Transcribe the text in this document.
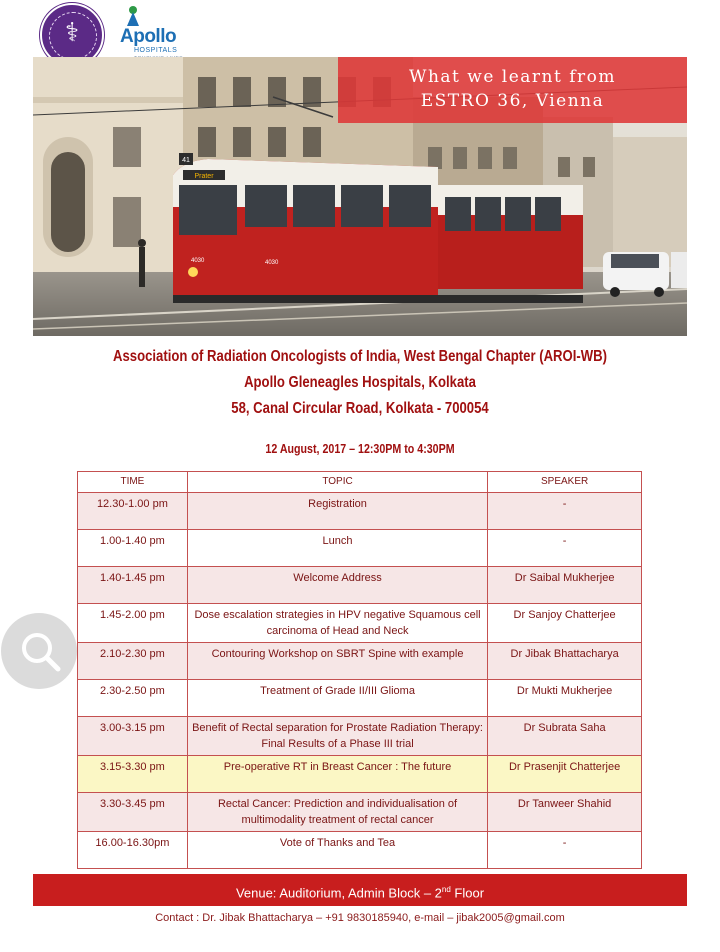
⚕	Apollo
HOSPITALS
Prater
41
4030	4030
What we learnt from
ESTRO 36, Vienna
Association of Radiation Oncologists of India, West Bengal Chapter (AROI-WB)
Apollo Gleneagles Hospitals, Kolkata
58, Canal Circular Road, Kolkata - 700054
12 August, 2017 – 12:30PM to 4:30PM
TIME	TOPIC	SPEAKER
12.30-1.00 pm	Registration	-
1.00-1.40 pm	Lunch	-
1.40-1.45 pm	Welcome Address	Dr Saibal Mukherjee
1.45-2.00 pm	Dose escalation strategies in HPV negative Squamous cell carcinoma of Head and Neck	Dr Sanjoy Chatterjee
2.10-2.30 pm	Contouring Workshop on SBRT Spine with example	Dr Jibak Bhattacharya
2.30-2.50 pm	Treatment of Grade II/III Glioma	Dr Mukti Mukherjee
3.00-3.15 pm	Benefit of Rectal separation for Prostate Radiation Therapy: Final Results of a Phase III trial	Dr Subrata Saha
3.15-3.30 pm	Pre-operative RT in Breast Cancer : The future	Dr Prasenjit Chatterjee
3.30-3.45 pm	Rectal Cancer: Prediction and individualisation of multimodality treatment of rectal cancer	Dr Tanweer Shahid
16.00-16.30pm	Vote of Thanks and Tea	-
Venue: Auditorium, Admin Block – 2nd Floor
Contact : Dr. Jibak Bhattacharya – +91 9830185940, e-mail – jibak2005@gmail.com
